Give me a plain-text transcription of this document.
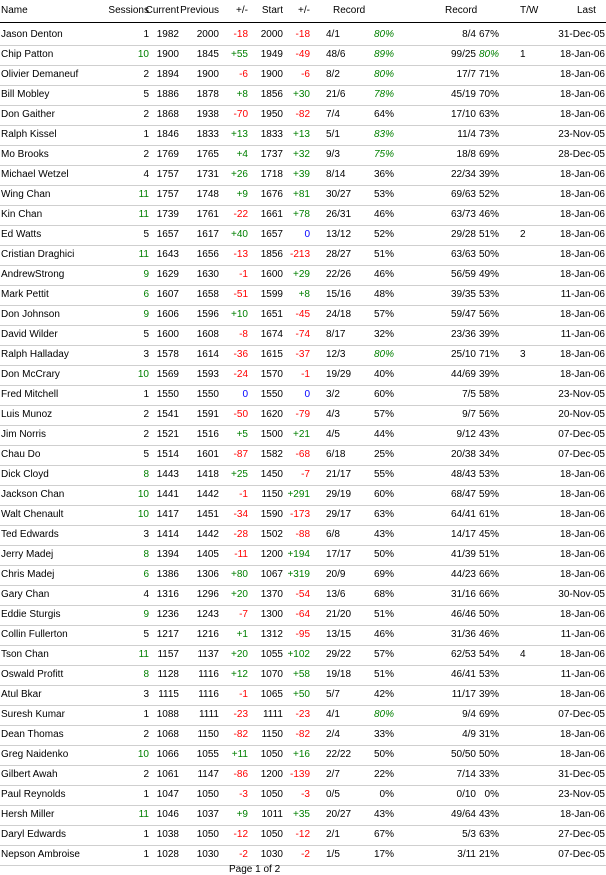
Name	Sessions
Current Previous +/- Start +/- Record	Record	T/W	Last
Jason Denton	1 1982 2000 -18 2000 -18 4/1	80%	8/4 67%	31-Dec-05
Chip Patton	10 1900 1845 +55 1949 -49 48/6	89%	99/25 80% 1	18-Jan-06
Olivier Demaneuf	2 1894 1900 -6 1900 -6 8/2	80%	17/7 71%	18-Jan-06
Bill Mobley	5 1886 1878 +8 1856 +30 21/6	78%	45/19 70%	18-Jan-06
Don Gaither	2 1868 1938 -70 1950 -82 7/4	64%	17/10 63%	18-Jan-06
Ralph Kissel	1 1846 1833 +13 1833 +13 5/1	83%	11/4 73%	23-Nov-05
Mo Brooks	2 1769 1765 +4 1737 +32 9/3	75%	18/8 69%	28-Dec-05
Michael Wetzel	4 1757 1731 +26 1718 +39 8/14	36%	22/34 39%	18-Jan-06
Wing Chan	11 1757 1748 +9 1676 +81 30/27 53%	69/63 52%	18-Jan-06
Kin Chan	11 1739 1761 -22 1661 +78 26/31 46%	63/73 46%	18-Jan-06
Ed Watts	5 1657 1617 +40 1657 0 13/12 52%	29/28 51% 2	18-Jan-06
Cristian Draghici	11 1643 1656 -13 1856 -213 28/27 51%	63/63 50%	18-Jan-06
AndrewStrong	9 1629 1630 -1 1600 +29 22/26 46%	56/59 49%	18-Jan-06
Mark Pettit	6 1607 1658 -51 1599 +8 15/16 48%	39/35 53%	11-Jan-06
Don Johnson	9 1606 1596 +10 1651 -45 24/18 57%	59/47 56%	18-Jan-06
David Wilder	5 1600 1608 -8 1674 -74 8/17	32%	23/36 39%	11-Jan-06
Ralph Halladay	3 1578 1614 -36 1615 -37 12/3	80%	25/10 71% 3	18-Jan-06
Don McCrary	10 1569 1593 -24 1570 -1 19/29 40%	44/69 39%	18-Jan-06
Fred Mitchell	1 1550 1550 0 1550 0 3/2	60%	7/5 58%	23-Nov-05
Luis Munoz	2 1541 1591 -50 1620 -79 4/3	57%	9/7 56%	20-Nov-05
Jim Norris	2 1521 1516 +5 1500 +21 4/5	44%	9/12 43%	07-Dec-05
Chau Do	5 1514 1601 -87 1582 -68 6/18	25%	20/38 34%	07-Dec-05
Dick Cloyd	8 1443 1418 +25 1450 -7 21/17 55%	48/43 53%	18-Jan-06
Jackson Chan	10 1441 1442 -1 1150 +291 29/19 60%	68/47 59%	18-Jan-06
Walt Chenault	10 1417 1451 -34 1590 -173 29/17 63%	64/41 61%	18-Jan-06
Ted Edwards	3 1414 1442 -28 1502 -88 6/8	43%	14/17 45%	18-Jan-06
Jerry Madej	8 1394 1405 -11 1200 +194 17/17 50%	41/39 51%	18-Jan-06
Chris Madej	6 1386 1306 +80 1067 +319 20/9	69%	44/23 66%	18-Jan-06
Gary Chan	4 1316 1296 +20 1370 -54 13/6	68%	31/16 66%	30-Nov-05
Eddie Sturgis	9 1236 1243 -7 1300 -64 21/20 51%	46/46 50%	18-Jan-06
Collin Fullerton	5 1217 1216 +1 1312 -95 13/15 46%	31/36 46%	11-Jan-06
Tson Chan	11 1157 1137 +20 1055 +102 29/22 57%	62/53 54% 4	18-Jan-06
Oswald Profitt	8 1128 1116 +12 1070 +58 19/18 51%	46/41 53%	11-Jan-06
Atul Bkar	3 1115 1116 -1 1065 +50 5/7	42%	11/17 39%	18-Jan-06
Suresh Kumar	1 1088 1111 -23 1111 -23 4/1	80%	9/4 69%	07-Dec-05
Dean Thomas	2 1068 1150 -82 1150 -82 2/4	33%	4/9 31%	18-Jan-06
Greg Naidenko	10 1066 1055 +11 1050 +16 22/22 50%	50/50 50%	18-Jan-06
Gilbert Awah	2 1061 1147 -86 1200 -139 2/7	22%	7/14 33%	31-Dec-05
Paul Reynolds	1 1047 1050 -3 1050 -3 0/5	0%	0/10 0%	23-Nov-05
Hersh Miller	11 1046 1037 +9 1011 +35 20/27 43%	49/64 43%	18-Jan-06
Daryl Edwards	1 1038 1050 -12 1050 -12 2/1	67%	5/3 63%	27-Dec-05
Nepson Ambroise	1 1028 1030 -2 1030 -2 1/5	17%	3/11 21%	07-Dec-05
Page 1 of 2
